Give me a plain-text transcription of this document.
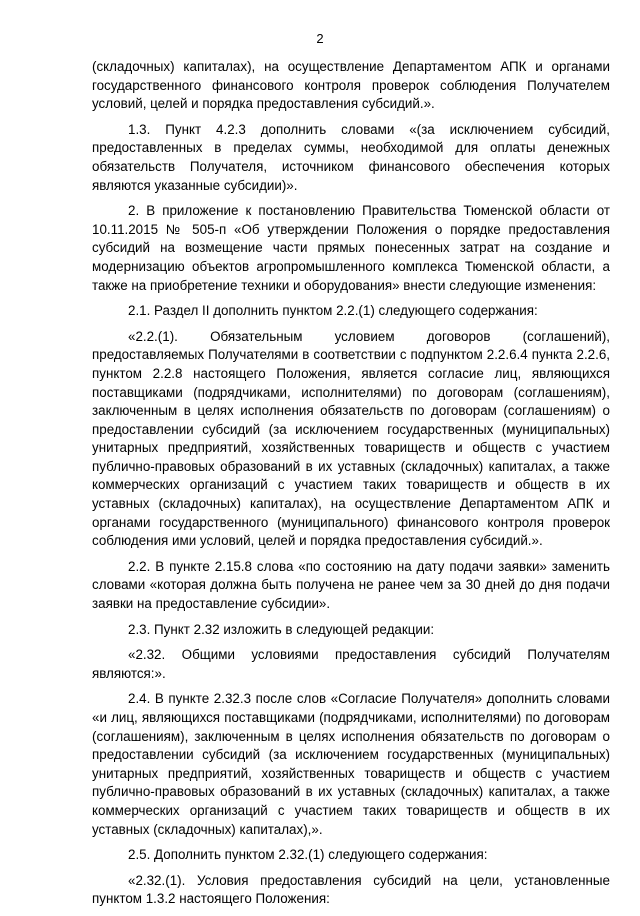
2

(складочных) капиталах), на осуществление Департаментом АПК и органами государственного финансового контроля проверок соблюдения Получателем условий, целей и порядка предоставления субсидий.».

1.3. Пункт 4.2.3 дополнить словами «(за исключением субсидий, предоставленных в пределах суммы, необходимой для оплаты денежных обязательств Получателя, источником финансового обеспечения которых являются указанные субсидии)».

2. В приложение к постановлению Правительства Тюменской области от 10.11.2015 № 505-п «Об утверждении Положения о порядке предоставления субсидий на возмещение части прямых понесенных затрат на создание и модернизацию объектов агропромышленного комплекса Тюменской области, а также на приобретение техники и оборудования» внести следующие изменения:

2.1. Раздел II дополнить пунктом 2.2.(1) следующего содержания:

«2.2.(1). Обязательным условием договоров (соглашений), предоставляемых Получателями в соответствии с подпунктом 2.2.6.4 пункта 2.2.6, пунктом 2.2.8 настоящего Положения, является согласие лиц, являющихся поставщиками (подрядчиками, исполнителями) по договорам (соглашениям), заключенным в целях исполнения обязательств по договорам (соглашениям) о предоставлении субсидий (за исключением государственных (муниципальных) унитарных предприятий, хозяйственных товариществ и обществ с участием публично-правовых образований в их уставных (складочных) капиталах, а также коммерческих организаций с участием таких товариществ и обществ в их уставных (складочных) капиталах), на осуществление Департаментом АПК и органами государственного (муниципального) финансового контроля проверок соблюдения ими условий, целей и порядка предоставления субсидий.».

2.2. В пункте 2.15.8 слова «по состоянию на дату подачи заявки» заменить словами «которая должна быть получена не ранее чем за 30 дней до дня подачи заявки на предоставление субсидии».

2.3. Пункт 2.32 изложить в следующей редакции:

«2.32. Общими условиями предоставления субсидий Получателям являются:».

2.4. В пункте 2.32.3 после слов «Согласие Получателя» дополнить словами «и лиц, являющихся поставщиками (подрядчиками, исполнителями) по договорам (соглашениям), заключенным в целях исполнения обязательств по договорам о предоставлении субсидий (за исключением государственных (муниципальных) унитарных предприятий, хозяйственных товариществ и обществ с участием публично-правовых образований в их уставных (складочных) капиталах, а также коммерческих организаций с участием таких товариществ и обществ в их уставных (складочных) капиталах),».

2.5. Дополнить пунктом 2.32.(1) следующего содержания:

«2.32.(1). Условия предоставления субсидий на цели, установленные пунктом 1.3.2 настоящего Положения:
